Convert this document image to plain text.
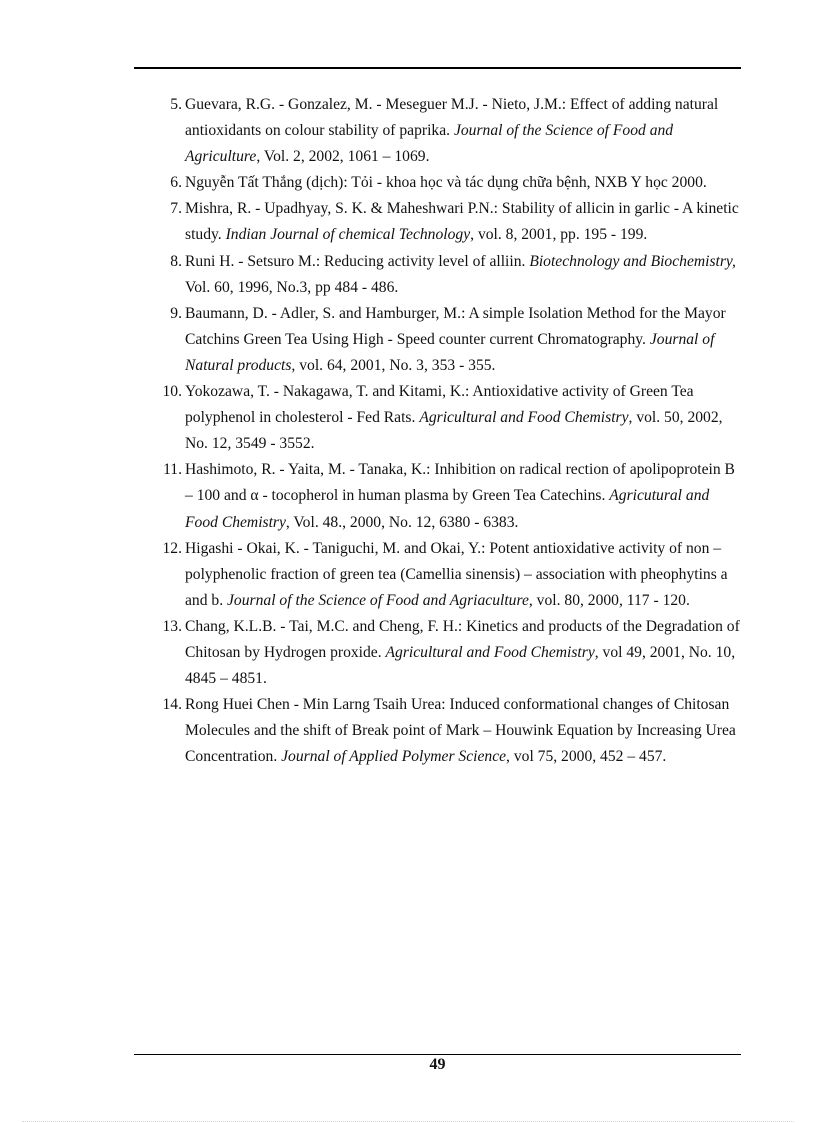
5. Guevara, R.G. - Gonzalez, M. - Meseguer M.J. - Nieto, J.M.: Effect of adding natural antioxidants on colour stability of paprika. Journal of the Science of Food and Agriculture, Vol. 2, 2002, 1061 – 1069.
6. Nguyễn Tất Thắng (dịch): Tỏi - khoa học và tác dụng chữa bệnh, NXB Y học 2000.
7. Mishra, R. - Upadhyay, S. K. & Maheshwari P.N.: Stability of allicin in garlic - A kinetic study. Indian Journal of chemical Technology, vol. 8, 2001, pp. 195 - 199.
8. Runi H. - Setsuro M.: Reducing activity level of alliin. Biotechnology and Biochemistry, Vol. 60, 1996, No.3, pp 484 - 486.
9. Baumann, D. - Adler, S. and Hamburger, M.: A simple Isolation Method for the Mayor Catchins Green Tea Using High - Speed counter current Chromatography. Journal of Natural products, vol. 64, 2001, No. 3, 353 - 355.
10. Yokozawa, T. - Nakagawa, T. and Kitami, K.: Antioxidative activity of Green Tea polyphenol in cholesterol - Fed Rats. Agricultural and Food Chemistry, vol. 50, 2002, No. 12, 3549 - 3552.
11. Hashimoto, R. - Yaita, M. - Tanaka, K.: Inhibition on radical rection of apolipoprotein B – 100 and α - tocopherol in human plasma by Green Tea Catechins. Agricutural and Food Chemistry, Vol. 48., 2000, No. 12, 6380 - 6383.
12. Higashi - Okai, K. - Taniguchi, M. and Okai, Y.: Potent antioxidative activity of non – polyphenolic fraction of green tea (Camellia sinensis) – association with pheophytins a and b. Journal of the Science of Food and Agriaculture, vol. 80, 2000, 117 - 120.
13. Chang, K.L.B. - Tai, M.C. and Cheng, F. H.: Kinetics and products of the Degradation of Chitosan by Hydrogen proxide. Agricultural and Food Chemistry, vol 49, 2001, No. 10, 4845 – 4851.
14. Rong Huei Chen - Min Larng Tsaih Urea: Induced conformational changes of Chitosan Molecules and the shift of Break point of Mark – Houwink Equation by Increasing Urea Concentration. Journal of Applied Polymer Science, vol 75, 2000, 452 – 457.
49
